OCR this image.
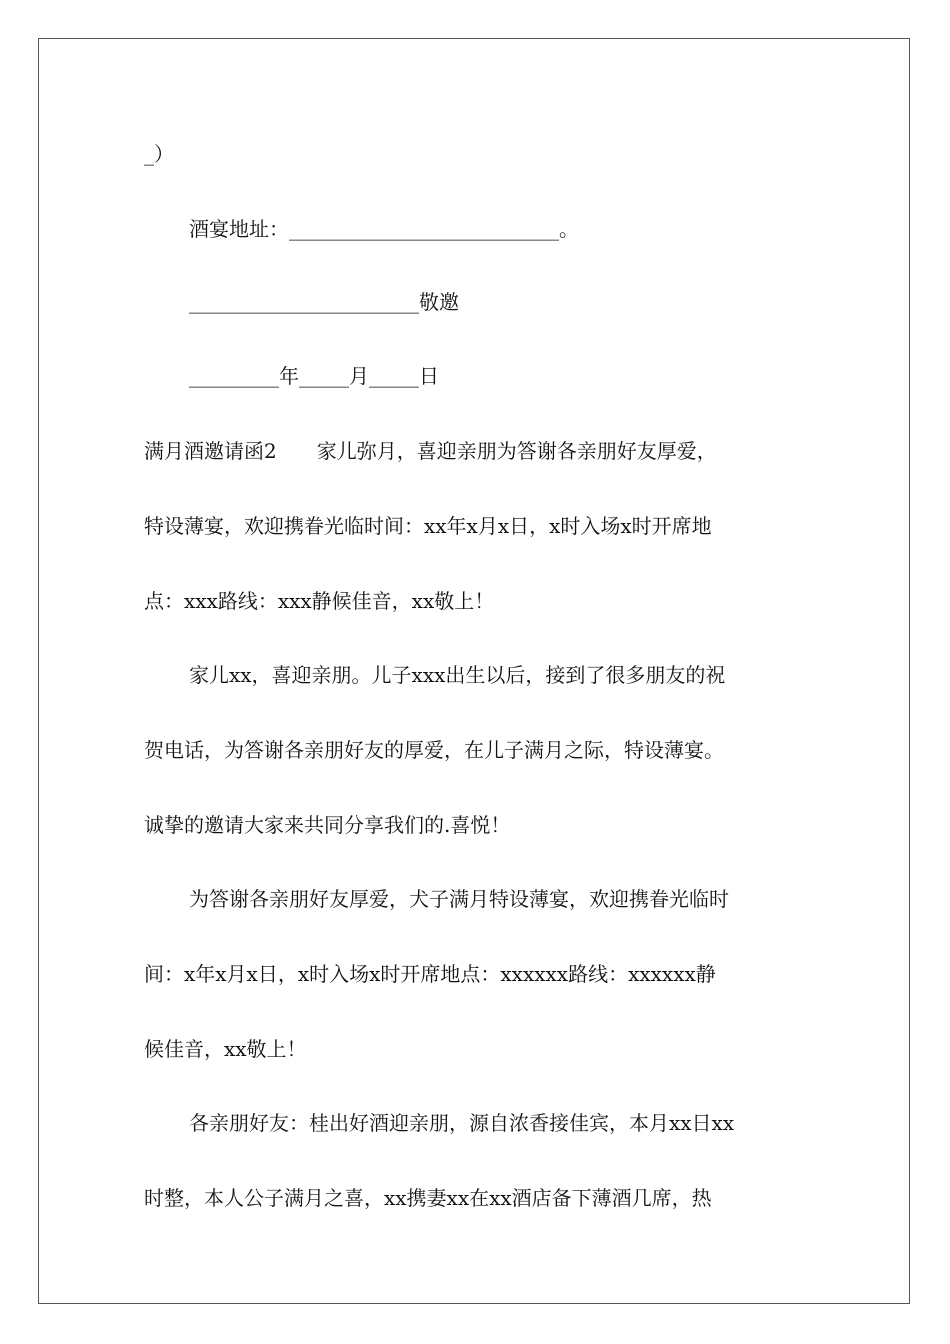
_）
酒宴地址：___________________________。
_______________________敬邀
_________年_____月_____日
满月酒邀请函2　　家儿弥月，喜迎亲朋为答谢各亲朋好友厚爱，
特设薄宴，欢迎携眷光临时间：xx年x月x日，x时入场x时开席地
点：xxx路线：xxx静候佳音，xx敬上！
家儿xx，喜迎亲朋。儿子xxx出生以后，接到了很多朋友的祝
贺电话，为答谢各亲朋好友的厚爱，在儿子满月之际，特设薄宴。
诚挚的邀请大家来共同分享我们的.喜悦！
为答谢各亲朋好友厚爱，犬子满月特设薄宴，欢迎携眷光临时
间：x年x月x日，x时入场x时开席地点：xxxxxx路线：xxxxxx静
候佳音，xx敬上！
各亲朋好友：桂出好酒迎亲朋，源自浓香接佳宾，本月xx日xx
时整，本人公子满月之喜，xx携妻xx在xx酒店备下薄酒几席，热
